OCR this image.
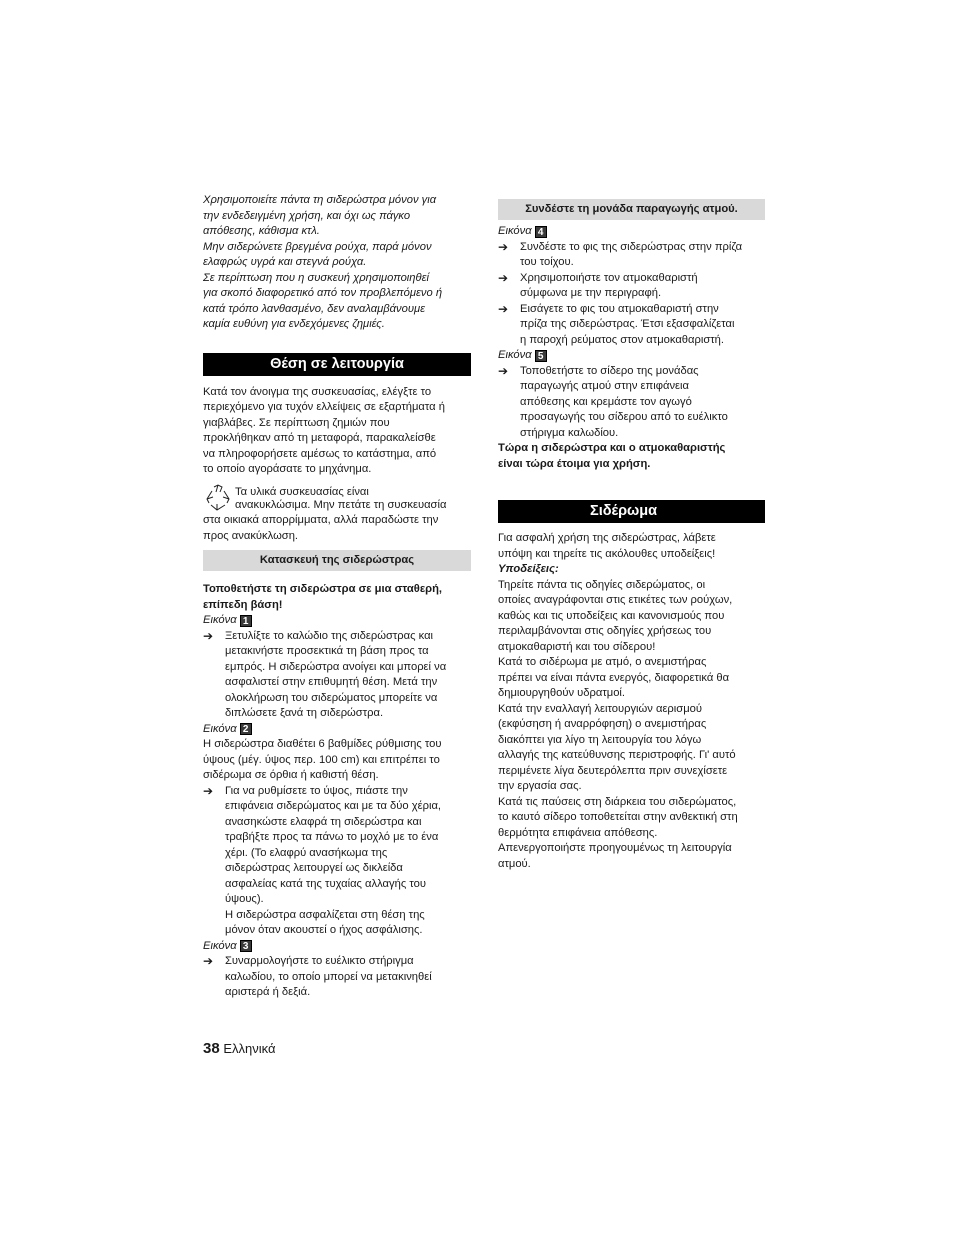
Χρησιμοποιείτε πάντα τη σιδερώστρα μόνον για

την ενδεδειγμένη χρήση, και όχι ως πάγκο

απόθεσης, κάθισμα κτλ.

Μην σιδερώνετε βρεγμένα ρούχα, παρά μόνον

ελαφρώς υγρά και στεγνά ρούχα.

Σε περίπτωση που η συσκευή χρησιμοποιηθεί

για σκοπό διαφορετικό από τον προβλεπόμενο ή

κατά τρόπο λανθασμένο, δεν αναλαμβάνουμε

καμία ευθύνη για ενδεχόμενες ζημιές.

Θέση σε λειτουργία

Κατά τον άνοιγμα της συσκευασίας, ελέγξτε το

περιεχόμενο για τυχόν ελλείψεις σε εξαρτήματα ή

γιαβλάβες. Σε περίπτωση ζημιών που

προκλήθηκαν από τη μεταφορά, παρακαλείσθε

να πληροφορήσετε αμέσως το κατάστημα, από

το οποίο αγοράσατε το μηχάνημα.

Τα υλικά συσκευασίας είναι

ανακυκλώσιμα. Μην πετάτε τη συσκευασία

στα οικιακά απορρίμματα, αλλά παραδώστε την

προς ανακύκλωση.

Κατασκευή της σιδερώστρας

Τοποθετήστε τη σιδερώστρα σε μια σταθερή,

επίπεδη βάση!

Εικόνα 1
➔	Ξετυλίξτε το καλώδιο της σιδερώστρας και

μετακινήστε προσεκτικά τη βάση προς τα

εμπρός. Η σιδερώστρα ανοίγει και μπορεί να

ασφαλιστεί στην επιθυμητή θέση. Μετά την

ολοκλήρωση του σιδερώματος μπορείτε να

διπλώσετε ξανά τη σιδερώστρα.

Εικόνα 2

Η σιδερώστρα διαθέτει 6 βαθμίδες ρύθμισης του

ύψους (μέγ. ύψος περ. 100 cm) και επιτρέπει το

σιδέρωμα σε όρθια ή καθιστή θέση.

➔	Για να ρυθμίσετε το ύψος, πιάστε την

επιφάνεια σιδερώματος και με τα δύο χέρια,

ανασηκώστε ελαφρά τη σιδερώστρα και

τραβήξτε προς τα πάνω το μοχλό με το ένα

χέρι. (Το ελαφρύ ανασήκωμα της

σιδερώστρας λειτουργεί ως δικλείδα

ασφαλείας κατά της τυχαίας αλλαγής του

ύψους).

Η σιδερώστρα ασφαλίζεται στη θέση της

μόνον όταν ακουστεί ο ήχος ασφάλισης.

Εικόνα 3
➔	Συναρμολογήστε το ευέλικτο στήριγμα

καλωδίου, το οποίο μπορεί να μετακινηθεί

αριστερά ή δεξιά.

Συνδέστε τη μονάδα παραγωγής ατμού.
Εικόνα 4
➔	Συνδέστε το φις της σιδερώστρας στην πρίζα

του τοίχου.

➔	Χρησιμοποιήστε τον ατμοκαθαριστή

σύμφωνα με την περιγραφή.

➔	Εισάγετε το φις του ατμοκαθαριστή στην

πρίζα της σιδερώστρας. Έτσι εξασφαλίζεται

η παροχή ρεύματος στον ατμοκαθαριστή.

Εικόνα 5
➔	Τοποθετήστε το σίδερο της μονάδας

παραγωγής ατμού στην επιφάνεια

απόθεσης και κρεμάστε τον αγωγό

προσαγωγής του σίδερου από το ευέλικτο

στήριγμα καλωδίου.

Τώρα η σιδερώστρα και ο ατμοκαθαριστής

είναι τώρα έτοιμα για χρήση.

Σιδέρωμα

Για ασφαλή χρήση της σιδερώστρας, λάβετε

υπόψη και τηρείτε τις ακόλουθες υποδείξεις!

Υποδείξεις:

Τηρείτε πάντα τις οδηγίες σιδερώματος, οι

οποίες αναγράφονται στις ετικέτες των ρούχων,

καθώς και τις υποδείξεις και κανονισμούς που

περιλαμβάνονται στις οδηγίες χρήσεως του

ατμοκαθαριστή και του σίδερου!

Κατά το σιδέρωμα με ατμό, ο ανεμιστήρας

πρέπει να είναι πάντα ενεργός, διαφορετικά θα

δημιουργηθούν υδρατμοί.

Κατά την εναλλαγή λειτουργιών αερισμού

(εκφύσηση ή αναρρόφηση) ο ανεμιστήρας

διακόπτει για λίγο τη λειτουργία του λόγω

αλλαγής της κατεύθυνσης περιστροφής. Γι' αυτό

περιμένετε λίγα δευτερόλεπτα πριν συνεχίσετε

την εργασία σας.

Κατά τις παύσεις στη διάρκεια του σιδερώματος,

το καυτό σίδερο τοποθετείται στην ανθεκτική στη

θερμότητα επιφάνεια απόθεσης.

Απενεργοποιήστε προηγουμένως τη λειτουργία

ατμού.

38 Ελληνικά
